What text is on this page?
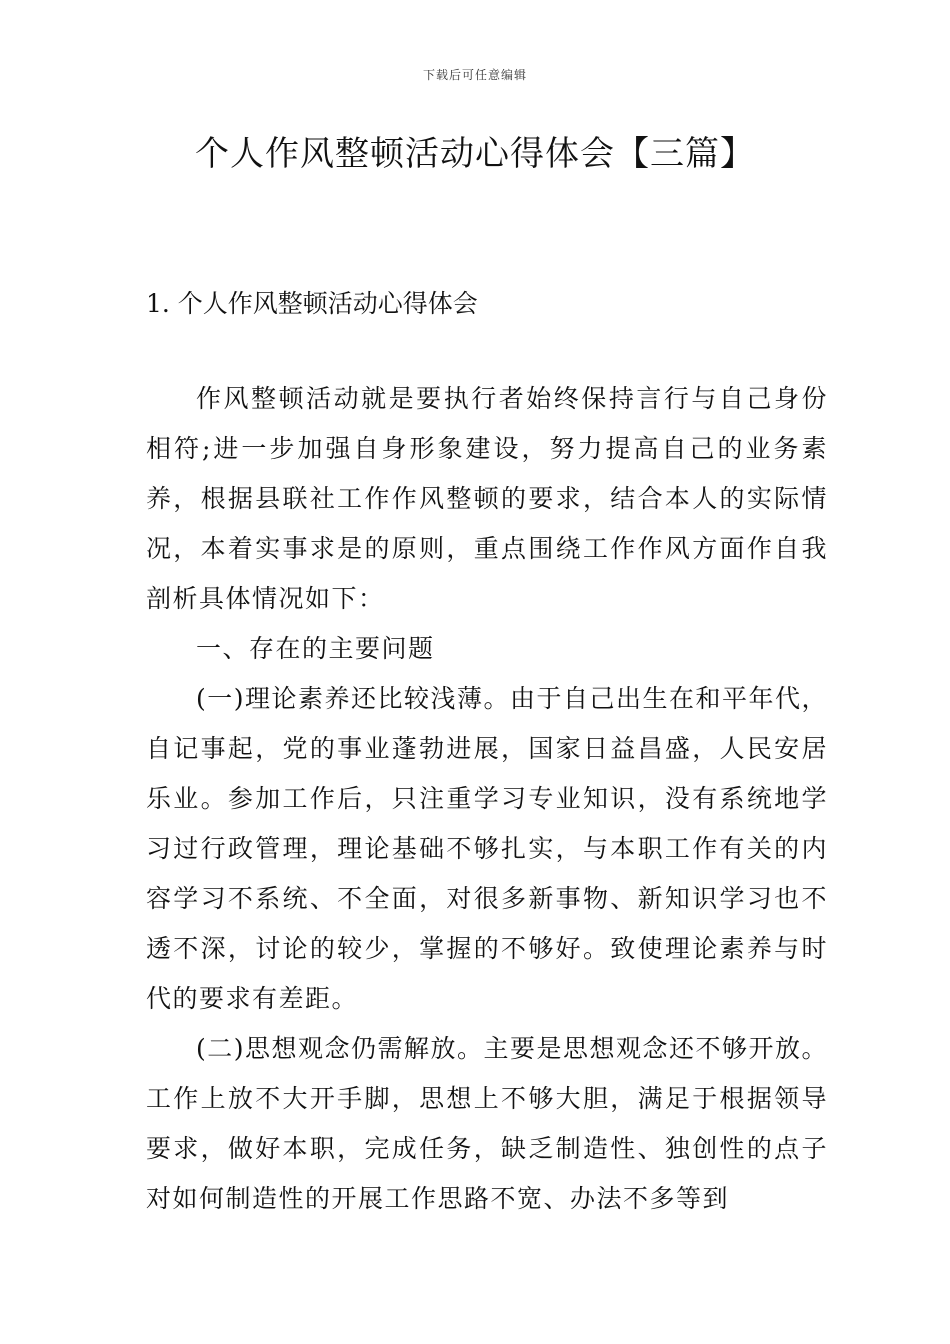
下载后可任意编辑
个人作风整顿活动心得体会【三篇】
1. 个人作风整顿活动心得体会

作风整顿活动就是要执行者始终保持言行与自己身份相符;进一步加强自身形象建设，努力提高自己的业务素养，根据县联社工作作风整顿的要求，结合本人的实际情况，本着实事求是的原则，重点围绕工作作风方面作自我剖析具体情况如下：

一、存在的主要问题

(一)理论素养还比较浅薄。由于自己出生在和平年代，自记事起，党的事业蓬勃进展，国家日益昌盛，人民安居乐业。参加工作后，只注重学习专业知识，没有系统地学习过行政管理，理论基础不够扎实，与本职工作有关的内容学习不系统、不全面，对很多新事物、新知识学习也不透不深，讨论的较少，掌握的不够好。致使理论素养与时代的要求有差距。

(二)思想观念仍需解放。主要是思想观念还不够开放。工作上放不大开手脚，思想上不够大胆，满足于根据领导要求，做好本职，完成任务，缺乏制造性、独创性的点子对如何制造性的开展工作思路不宽、办法不多等到
